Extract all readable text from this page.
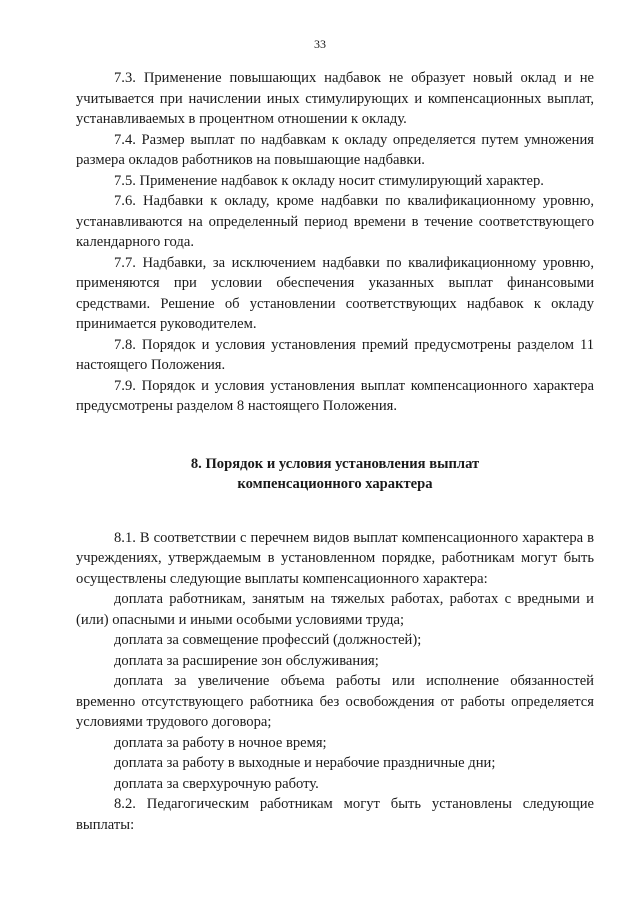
33

7.3. Применение повышающих надбавок не образует новый оклад и не учитывается при начислении иных стимулирующих и компенсационных выплат, устанавливаемых в процентном отношении к окладу.

7.4. Размер выплат по надбавкам к окладу определяется путем умножения размера окладов работников на повышающие надбавки.

7.5. Применение надбавок к окладу носит стимулирующий характер.

7.6. Надбавки к окладу, кроме надбавки по квалификационному уровню, устанавливаются на определенный период времени в течение соответствующего календарного года.

7.7. Надбавки, за исключением надбавки по квалификационному уровню, применяются при условии обеспечения указанных выплат финансовыми средствами. Решение об установлении соответствующих надбавок к окладу принимается руководителем.

7.8. Порядок и условия установления премий предусмотрены разделом 11 настоящего Положения.

7.9. Порядок и условия установления выплат компенсационного характера предусмотрены разделом 8 настоящего Положения.

8. Порядок и условия установления выплат
компенсационного характера

8.1. В соответствии с перечнем видов выплат компенсационного характера в учреждениях, утверждаемым в установленном порядке, работникам могут быть осуществлены следующие выплаты компенсационного характера:

доплата работникам, занятым на тяжелых работах, работах с вредными и (или) опасными и иными особыми условиями труда;

доплата за совмещение профессий (должностей);

доплата за расширение зон обслуживания;

доплата за увеличение объема работы или исполнение обязанностей временно отсутствующего работника без освобождения от работы определяется условиями трудового договора;

доплата за работу в ночное время;

доплата за работу в выходные и нерабочие праздничные дни;

доплата за сверхурочную работу.

8.2. Педагогическим работникам могут быть установлены следующие выплаты:
